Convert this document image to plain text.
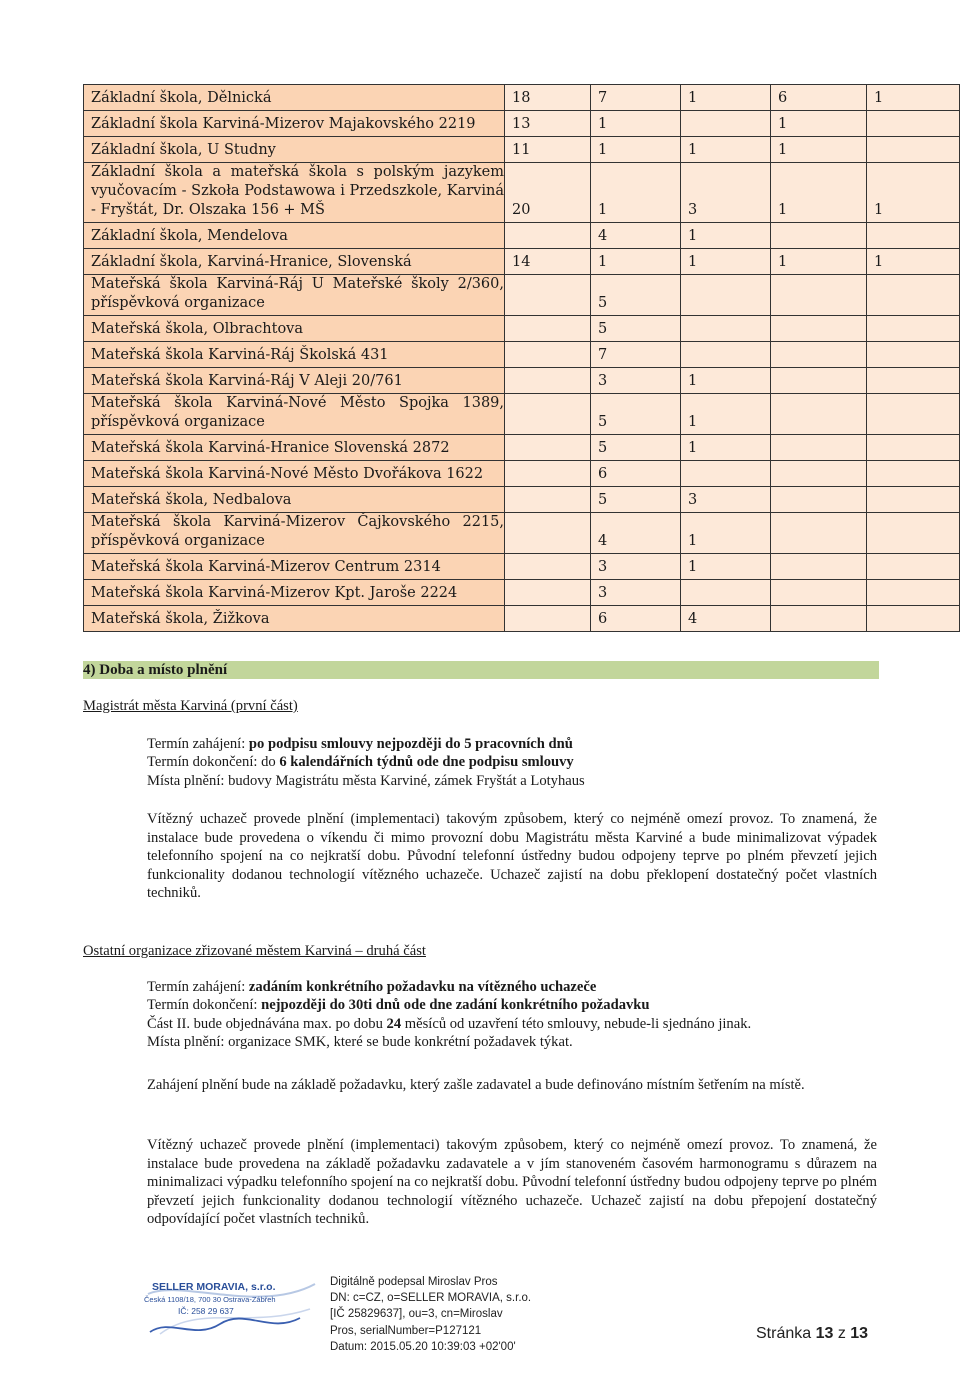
Základní škola, Dělnická	18	7	1	6	1

Základní škola Karviná-Mizerov Majakovského 2219	13	1		1	

Základní škola, U Studny	11	1	1	1	

Základní škola a mateřská škola s polským jazykem vyučovacím - Szkoła Podstawowa i Przedszkole, Karviná - Fryštát, Dr. Olszaka 156 + MŠ	20	1	3	1	1

Základní škola, Mendelova		4	1		

Základní škola, Karviná-Hranice, Slovenská	14	1	1	1	1

Mateřská škola Karviná-Ráj U Mateřské školy 2/360, příspěvková organizace		5			

Mateřská škola, Olbrachtova		5			

Mateřská škola Karviná-Ráj Školská 431		7			

Mateřská škola Karviná-Ráj V Aleji 20/761		3	1		

Mateřská škola Karviná-Nové Město Spojka 1389, příspěvková organizace		5	1		

Mateřská škola Karviná-Hranice Slovenská 2872		5	1		

Mateřská škola Karviná-Nové Město Dvořákova 1622		6			

Mateřská škola, Nedbalova		5	3		

Mateřská škola Karviná-Mizerov Čajkovského 2215, příspěvková organizace		4	1		

Mateřská škola Karviná-Mizerov Centrum 2314		3	1		

Mateřská škola Karviná-Mizerov Kpt. Jaroše 2224		3			

Mateřská škola, Žižkova		6	4		
4) Doba a místo plnění
Magistrát města Karviná (první část)
Termín zahájení: po podpisu smlouvy nejpozději do 5 pracovních dnů
Termín dokončení: do 6 kalendářních týdnů ode dne podpisu smlouvy
Místa plnění: budovy Magistrátu města Karviné, zámek Fryštát a Lotyhaus
Vítězný uchazeč provede plnění (implementaci) takovým způsobem, který co nejméně omezí provoz. To znamená, že instalace bude provedena o víkendu či mimo provozní dobu Magistrátu města Karviné a bude minimalizovat výpadek telefonního spojení na co nejkratší dobu. Původní telefonní ústředny budou odpojeny teprve po plném převzetí jejich funkcionality dodanou technologií vítězného uchazeče. Uchazeč zajistí na dobu překlopení dostatečný počet vlastních techniků.
Ostatní organizace zřizované městem Karviná – druhá část
Termín zahájení: zadáním konkrétního požadavku na vítězného uchazeče
Termín dokončení: nejpozději do 30ti dnů ode dne zadání konkrétního požadavku
Část II. bude objednávána max. po dobu 24 měsíců od uzavření této smlouvy, nebude-li sjednáno jinak.
Místa plnění: organizace SMK, které se bude konkrétní požadavek týkat.
Zahájení plnění bude na základě požadavku, který zašle zadavatel a bude definováno místním šetřením na místě.
Vítězný uchazeč provede plnění (implementaci) takovým způsobem, který co nejméně omezí provoz. To znamená, že instalace bude provedena na základě požadavku zadavatele a v jím stanoveném časovém harmonogramu s důrazem na minimalizaci výpadku telefonního spojení na co nejkratší dobu. Původní telefonní ústředny budou odpojeny teprve po plném převzetí jejich funkcionality dodanou technologií vítězného uchazeče. Uchazeč zajistí na dobu přepojení dostatečný odpovídající počet vlastních techniků.
SELLER MORAVIA, s.r.o.
Česká 1108/18, 700 30 Ostrava-Zábřeh
IČ: 258 29 637
Digitálně podepsal Miroslav Pros
DN: c=CZ, o=SELLER MORAVIA, s.r.o.
[IČ 25829637], ou=3, cn=Miroslav
Pros, serialNumber=P127121
Datum: 2015.05.20 10:39:03 +02'00'
Stránka 13 z 13
